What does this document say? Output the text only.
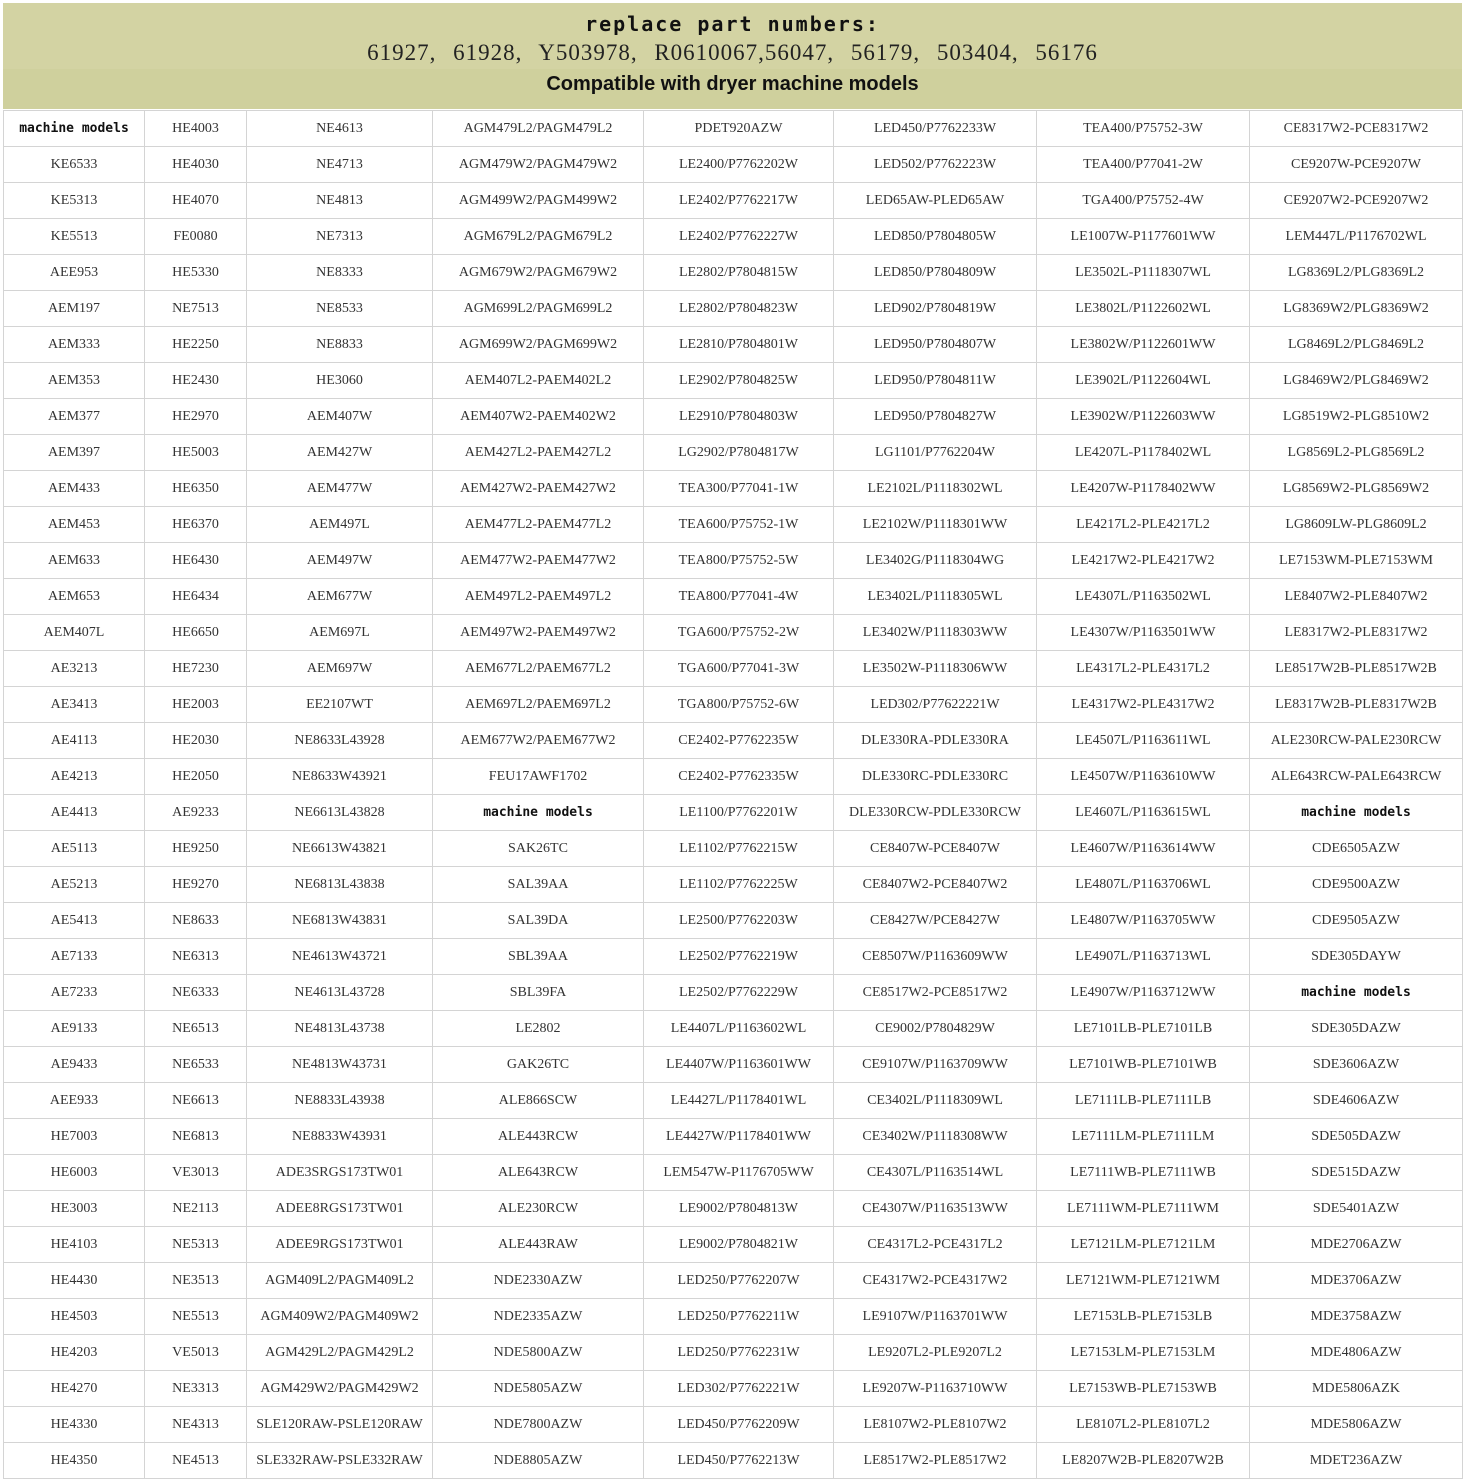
replace part numbers:
61927, 61928, Y503978, R0610067,56047, 56179, 503404, 56176
Compatible with dryer machine models
machine models	HE4003	NE4613	AGM479L2/PAGM479L2	PDET920AZW	LED450/P7762233W	TEA400/P75752-3W	CE8317W2-PCE8317W2
KE6533	HE4030	NE4713	AGM479W2/PAGM479W2	LE2400/P7762202W	LED502/P7762223W	TEA400/P77041-2W	CE9207W-PCE9207W
KE5313	HE4070	NE4813	AGM499W2/PAGM499W2	LE2402/P7762217W	LED65AW-PLED65AW	TGA400/P75752-4W	CE9207W2-PCE9207W2
KE5513	FE0080	NE7313	AGM679L2/PAGM679L2	LE2402/P7762227W	LED850/P7804805W	LE1007W-P1177601WW	LEM447L/P1176702WL
AEE953	HE5330	NE8333	AGM679W2/PAGM679W2	LE2802/P7804815W	LED850/P7804809W	LE3502L-P1118307WL	LG8369L2/PLG8369L2
AEM197	NE7513	NE8533	AGM699L2/PAGM699L2	LE2802/P7804823W	LED902/P7804819W	LE3802L/P1122602WL	LG8369W2/PLG8369W2
AEM333	HE2250	NE8833	AGM699W2/PAGM699W2	LE2810/P7804801W	LED950/P7804807W	LE3802W/P1122601WW	LG8469L2/PLG8469L2
AEM353	HE2430	HE3060	AEM407L2-PAEM402L2	LE2902/P7804825W	LED950/P7804811W	LE3902L/P1122604WL	LG8469W2/PLG8469W2
AEM377	HE2970	AEM407W	AEM407W2-PAEM402W2	LE2910/P7804803W	LED950/P7804827W	LE3902W/P1122603WW	LG8519W2-PLG8510W2
AEM397	HE5003	AEM427W	AEM427L2-PAEM427L2	LG2902/P7804817W	LG1101/P7762204W	LE4207L-P1178402WL	LG8569L2-PLG8569L2
AEM433	HE6350	AEM477W	AEM427W2-PAEM427W2	TEA300/P77041-1W	LE2102L/P1118302WL	LE4207W-P1178402WW	LG8569W2-PLG8569W2
AEM453	HE6370	AEM497L	AEM477L2-PAEM477L2	TEA600/P75752-1W	LE2102W/P1118301WW	LE4217L2-PLE4217L2	LG8609LW-PLG8609L2
AEM633	HE6430	AEM497W	AEM477W2-PAEM477W2	TEA800/P75752-5W	LE3402G/P1118304WG	LE4217W2-PLE4217W2	LE7153WM-PLE7153WM
AEM653	HE6434	AEM677W	AEM497L2-PAEM497L2	TEA800/P77041-4W	LE3402L/P1118305WL	LE4307L/P1163502WL	LE8407W2-PLE8407W2
AEM407L	HE6650	AEM697L	AEM497W2-PAEM497W2	TGA600/P75752-2W	LE3402W/P1118303WW	LE4307W/P1163501WW	LE8317W2-PLE8317W2
AE3213	HE7230	AEM697W	AEM677L2/PAEM677L2	TGA600/P77041-3W	LE3502W-P1118306WW	LE4317L2-PLE4317L2	LE8517W2B-PLE8517W2B
AE3413	HE2003	EE2107WT	AEM697L2/PAEM697L2	TGA800/P75752-6W	LED302/P77622221W	LE4317W2-PLE4317W2	LE8317W2B-PLE8317W2B
AE4113	HE2030	NE8633L43928	AEM677W2/PAEM677W2	CE2402-P7762235W	DLE330RA-PDLE330RA	LE4507L/P1163611WL	ALE230RCW-PALE230RCW
AE4213	HE2050	NE8633W43921	FEU17AWF1702	CE2402-P7762335W	DLE330RC-PDLE330RC	LE4507W/P1163610WW	ALE643RCW-PALE643RCW
AE4413	AE9233	NE6613L43828	machine models	LE1100/P7762201W	DLE330RCW-PDLE330RCW	LE4607L/P1163615WL	machine models
AE5113	HE9250	NE6613W43821	SAK26TC	LE1102/P7762215W	CE8407W-PCE8407W	LE4607W/P1163614WW	CDE6505AZW
AE5213	HE9270	NE6813L43838	SAL39AA	LE1102/P7762225W	CE8407W2-PCE8407W2	LE4807L/P1163706WL	CDE9500AZW
AE5413	NE8633	NE6813W43831	SAL39DA	LE2500/P7762203W	CE8427W/PCE8427W	LE4807W/P1163705WW	CDE9505AZW
AE7133	NE6313	NE4613W43721	SBL39AA	LE2502/P7762219W	CE8507W/P1163609WW	LE4907L/P1163713WL	SDE305DAYW
AE7233	NE6333	NE4613L43728	SBL39FA	LE2502/P7762229W	CE8517W2-PCE8517W2	LE4907W/P1163712WW	machine models
AE9133	NE6513	NE4813L43738	LE2802	LE4407L/P1163602WL	CE9002/P7804829W	LE7101LB-PLE7101LB	SDE305DAZW
AE9433	NE6533	NE4813W43731	GAK26TC	LE4407W/P1163601WW	CE9107W/P1163709WW	LE7101WB-PLE7101WB	SDE3606AZW
AEE933	NE6613	NE8833L43938	ALE866SCW	LE4427L/P1178401WL	CE3402L/P1118309WL	LE7111LB-PLE7111LB	SDE4606AZW
HE7003	NE6813	NE8833W43931	ALE443RCW	LE4427W/P1178401WW	CE3402W/P1118308WW	LE7111LM-PLE7111LM	SDE505DAZW
HE6003	VE3013	ADE3SRGS173TW01	ALE643RCW	LEM547W-P1176705WW	CE4307L/P1163514WL	LE7111WB-PLE7111WB	SDE515DAZW
HE3003	NE2113	ADEE8RGS173TW01	ALE230RCW	LE9002/P7804813W	CE4307W/P1163513WW	LE7111WM-PLE7111WM	SDE5401AZW
HE4103	NE5313	ADEE9RGS173TW01	ALE443RAW	LE9002/P7804821W	CE4317L2-PCE4317L2	LE7121LM-PLE7121LM	MDE2706AZW
HE4430	NE3513	AGM409L2/PAGM409L2	NDE2330AZW	LED250/P7762207W	CE4317W2-PCE4317W2	LE7121WM-PLE7121WM	MDE3706AZW
HE4503	NE5513	AGM409W2/PAGM409W2	NDE2335AZW	LED250/P7762211W	LE9107W/P1163701WW	LE7153LB-PLE7153LB	MDE3758AZW
HE4203	VE5013	AGM429L2/PAGM429L2	NDE5800AZW	LED250/P7762231W	LE9207L2-PLE9207L2	LE7153LM-PLE7153LM	MDE4806AZW
HE4270	NE3313	AGM429W2/PAGM429W2	NDE5805AZW	LED302/P7762221W	LE9207W-P1163710WW	LE7153WB-PLE7153WB	MDE5806AZK
HE4330	NE4313	SLE120RAW-PSLE120RAW	NDE7800AZW	LED450/P7762209W	LE8107W2-PLE8107W2	LE8107L2-PLE8107L2	MDE5806AZW
HE4350	NE4513	SLE332RAW-PSLE332RAW	NDE8805AZW	LED450/P7762213W	LE8517W2-PLE8517W2	LE8207W2B-PLE8207W2B	MDET236AZW
